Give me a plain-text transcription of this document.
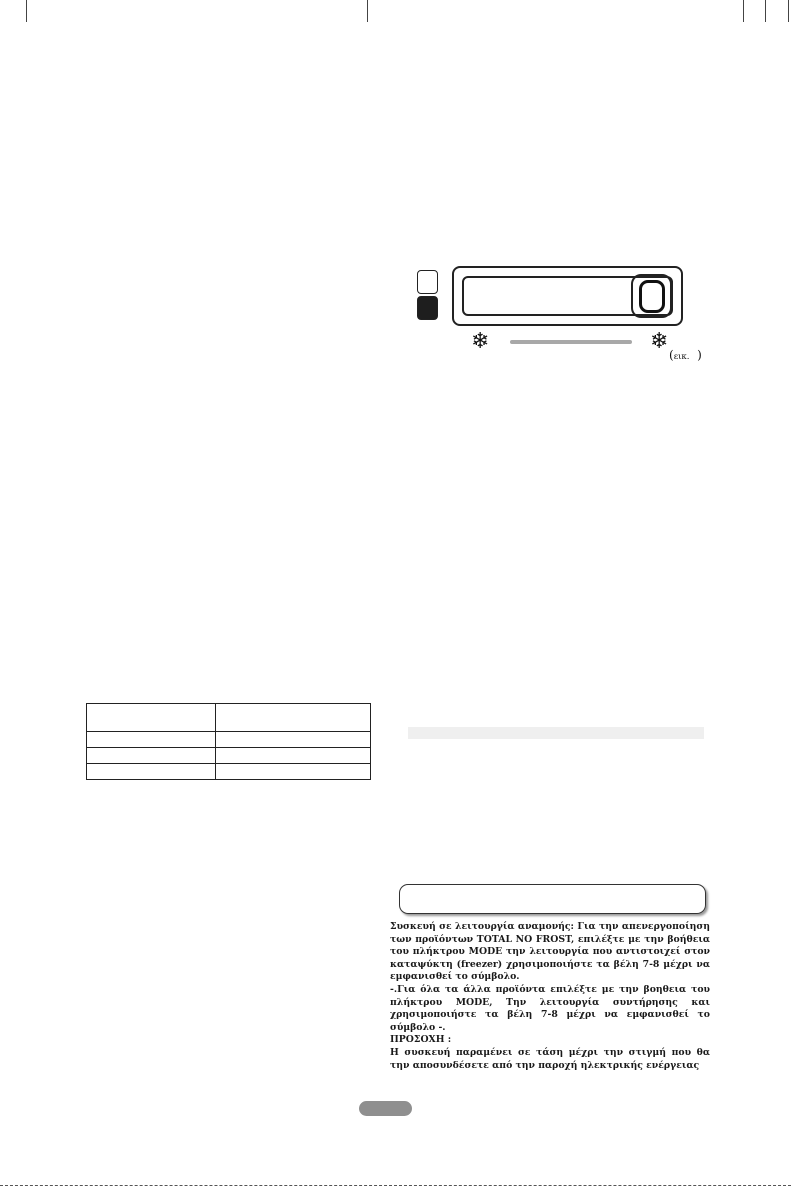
❄	❄
(εικ.  )

Συσκευή σε λειτουργία αναμονής: Για την απενεργοποίηση των προϊόντων TOTAL NO FROST, επιλέξτε με την βοήθεια του πλήκτρου MODE την λειτουργία που αντιστοιχεί στον καταψύκτη (freezer) χρησιμοποιήστε τα βέλη 7-8 μέχρι να εμφανισθεί το σύμβολο.

-.Για όλα τα άλλα προϊόντα επιλέξτε με την βοηθεια του πλήκτρου MODE, Την λειτουργία συντήρησης και χρησιμοποιήστε τα βέλη 7-8 μέχρι να εμφανισθεί το σύμβολο -.

ΠΡΟΣΟΧΗ :

Η συσκευή παραμένει σε τάση μέχρι την στιγμή που θα την αποσυνδέσετε από την παροχή ηλεκτρικής ενέργειας
